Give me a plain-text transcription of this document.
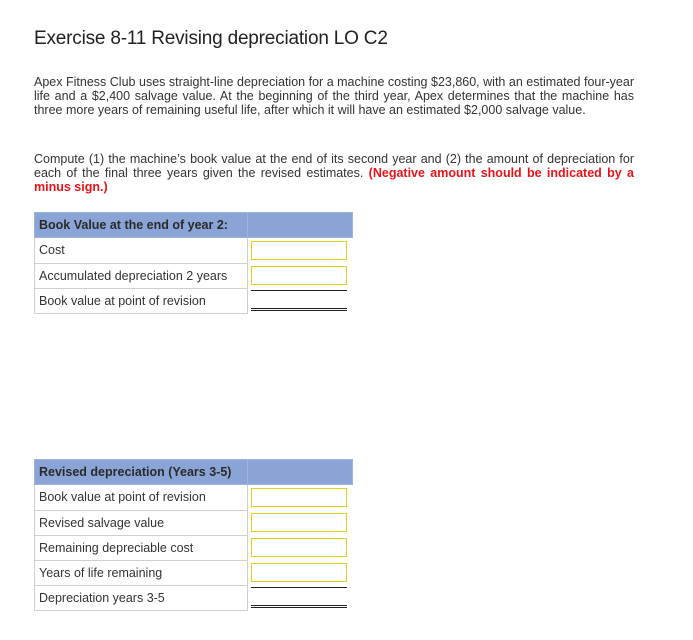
Exercise 8-11 Revising depreciation LO C2

Apex Fitness Club uses straight-line depreciation for a machine costing $23,860, with an estimated four-year life and a $2,400 salvage value. At the beginning of the third year, Apex determines that the machine has three more years of remaining useful life, after which it will have an estimated $2,000 salvage value.

Compute (1) the machine’s book value at the end of its second year and (2) the amount of depreciation for each of the final three years given the revised estimates. (Negative amount should be indicated by a minus sign.)

Book Value at the end of year 2:	
Cost	

Accumulated depreciation 2 years	

Book value at point of revision	
Revised depreciation (Years 3-5)	
Book value at point of revision	

Revised salvage value	

Remaining depreciable cost	

Years of life remaining	

Depreciation years 3-5	
